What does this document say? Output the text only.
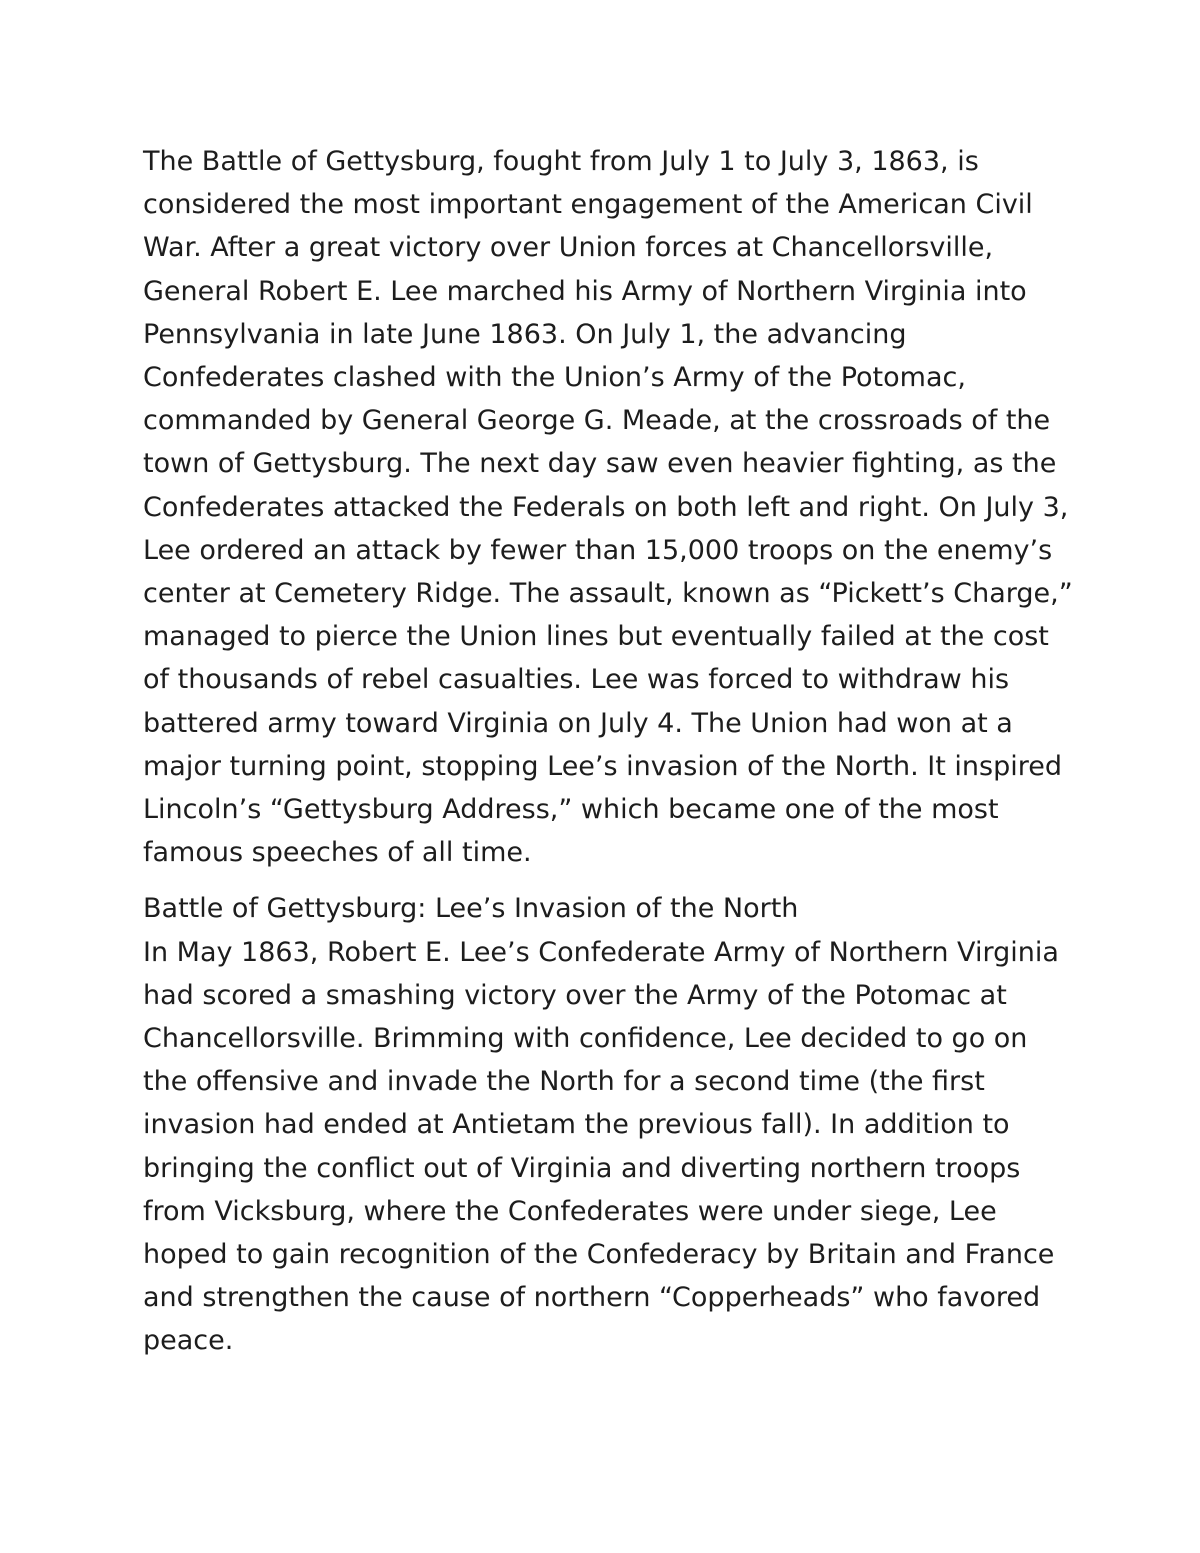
The Battle of Gettysburg, fought from July 1 to July 3, 1863, is considered the most important engagement of the American Civil War. After a great victory over Union forces at Chancellorsville, General Robert E. Lee marched his Army of Northern Virginia into Pennsylvania in late June 1863. On July 1, the advancing Confederates clashed with the Union’s Army of the Potomac, commanded by General George G. Meade, at the crossroads of the town of Gettysburg. The next day saw even heavier fighting, as the Confederates attacked the Federals on both left and right. On July 3, Lee ordered an attack by fewer than 15,000 troops on the enemy’s center at Cemetery Ridge. The assault, known as “Pickett’s Charge,” managed to pierce the Union lines but eventually failed at the cost of thousands of rebel casualties. Lee was forced to withdraw his battered army toward Virginia on July 4. The Union had won at a major turning point, stopping Lee’s invasion of the North. It inspired Lincoln’s “Gettysburg Address,” which became one of the most famous speeches of all time.

Battle of Gettysburg: Lee’s Invasion of the North

In May 1863, Robert E. Lee’s Confederate Army of Northern Virginia had scored a smashing victory over the Army of the Potomac at Chancellorsville. Brimming with confidence, Lee decided to go on the offensive and invade the North for a second time (the first invasion had ended at Antietam the previous fall). In addition to bringing the conflict out of Virginia and diverting northern troops from Vicksburg, where the Confederates were under siege, Lee hoped to gain recognition of the Confederacy by Britain and France and strengthen the cause of northern “Copperheads” who favored peace.
